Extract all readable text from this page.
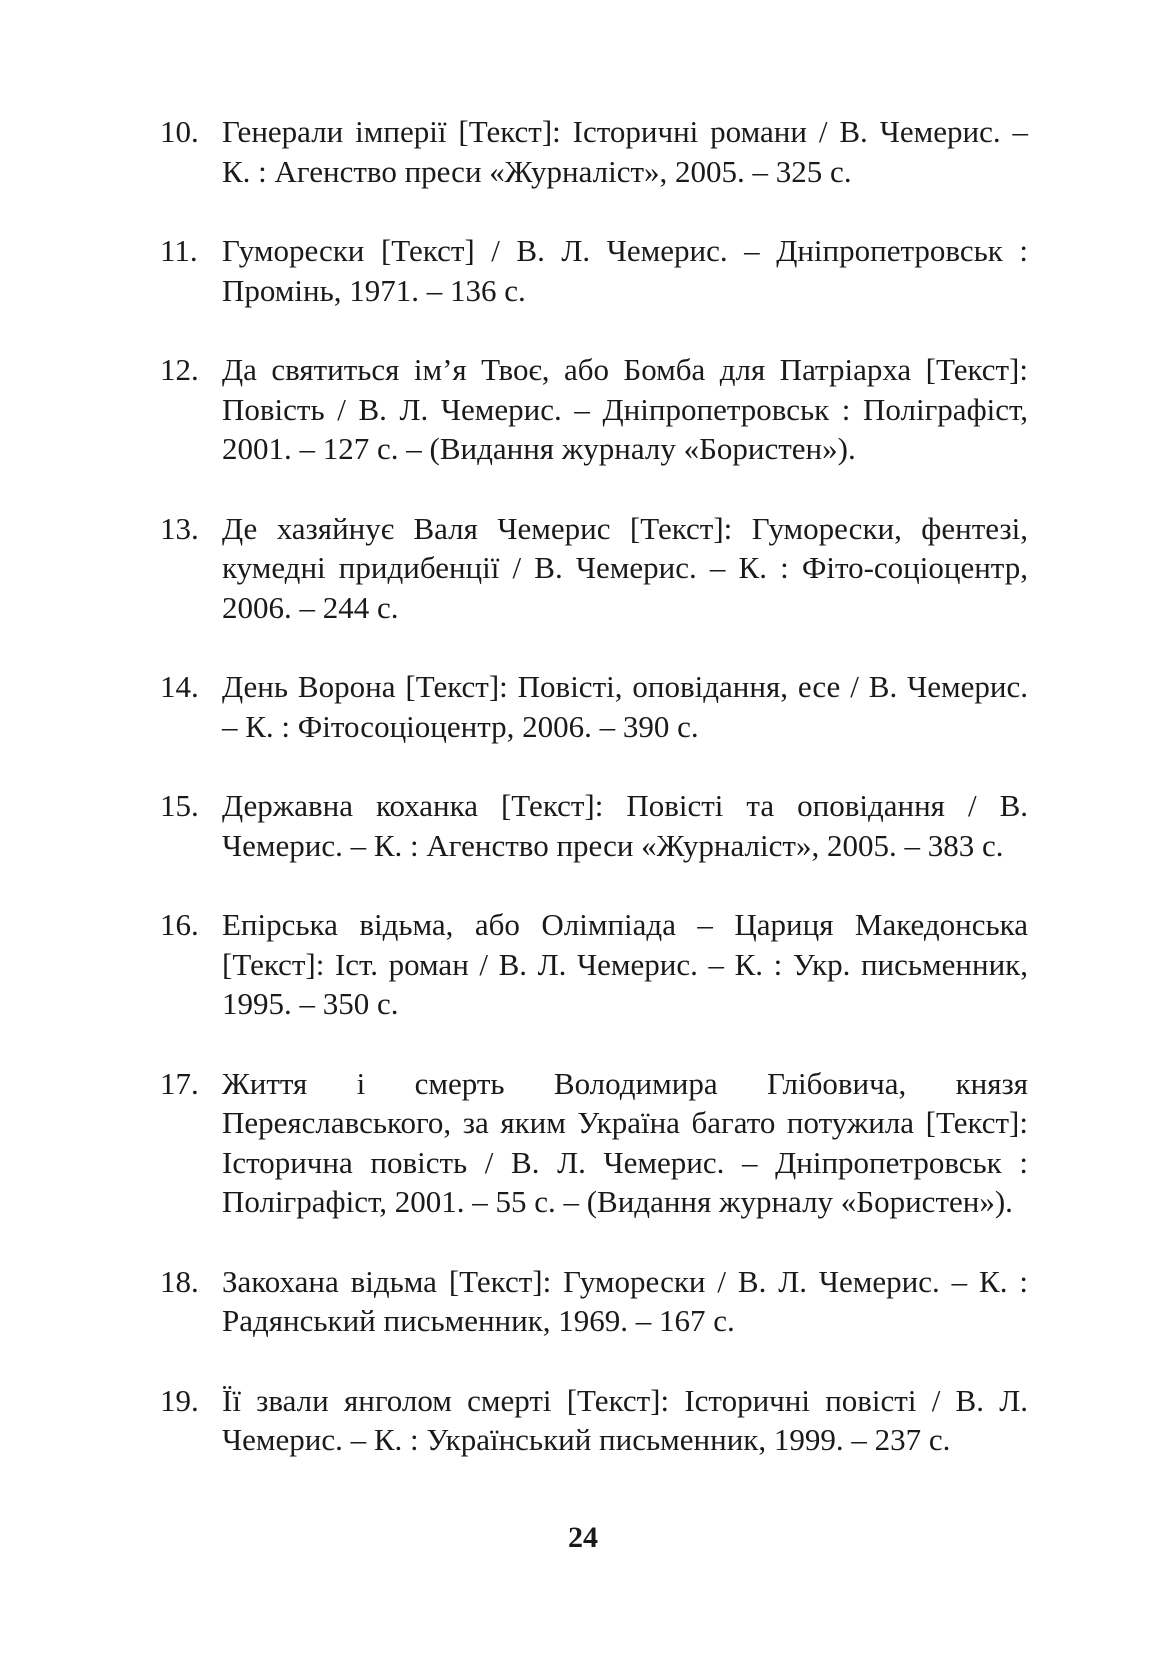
10. Генерали імперії [Текст]: Історичні романи / В. Чемерис. – К. : Агенство преси «Журналіст», 2005. – 325 с.
11. Гуморески [Текст] / В. Л. Чемерис. – Дніпропетровськ : Промінь, 1971. – 136 с.
12. Да святиться ім’я Твоє, або Бомба для Патріарха [Текст]: Повість / В. Л. Чемерис. – Дніпропетровськ : Поліграфіст, 2001. – 127 с. – (Видання журналу «Бористен»).
13. Де хазяйнує Валя Чемерис [Текст]: Гуморески, фентезі, кумедні придибенції / В. Чемерис. – К. : Фіто-соціоцентр, 2006. – 244 с.
14. День Ворона [Текст]: Повісті, оповідання, есе / В. Чемерис. – К. : Фітосоціоцентр, 2006. – 390 с.
15. Державна коханка [Текст]: Повісті та оповідання / В. Чемерис. – К. : Агенство преси «Журналіст», 2005. – 383 с.
16. Епірська відьма, або Олімпіада – Цариця Македонська [Текст]: Іст. роман / В. Л. Чемерис. – К. : Укр. письменник, 1995. – 350 с.
17. Життя і смерть Володимира Глібовича, князя Переяславського, за яким Україна багато потужила [Текст]: Історична повість / В. Л. Чемерис. – Дніпропетровськ : Поліграфіст, 2001. – 55 с. – (Видання журналу «Бористен»).
18. Закохана відьма [Текст]: Гуморески / В. Л. Чемерис. – К. : Радянський письменник, 1969. – 167 с.
19. Її звали янголом смерті [Текст]: Історичні повісті / В. Л. Чемерис. – К. : Український письменник, 1999. – 237 с.
24
